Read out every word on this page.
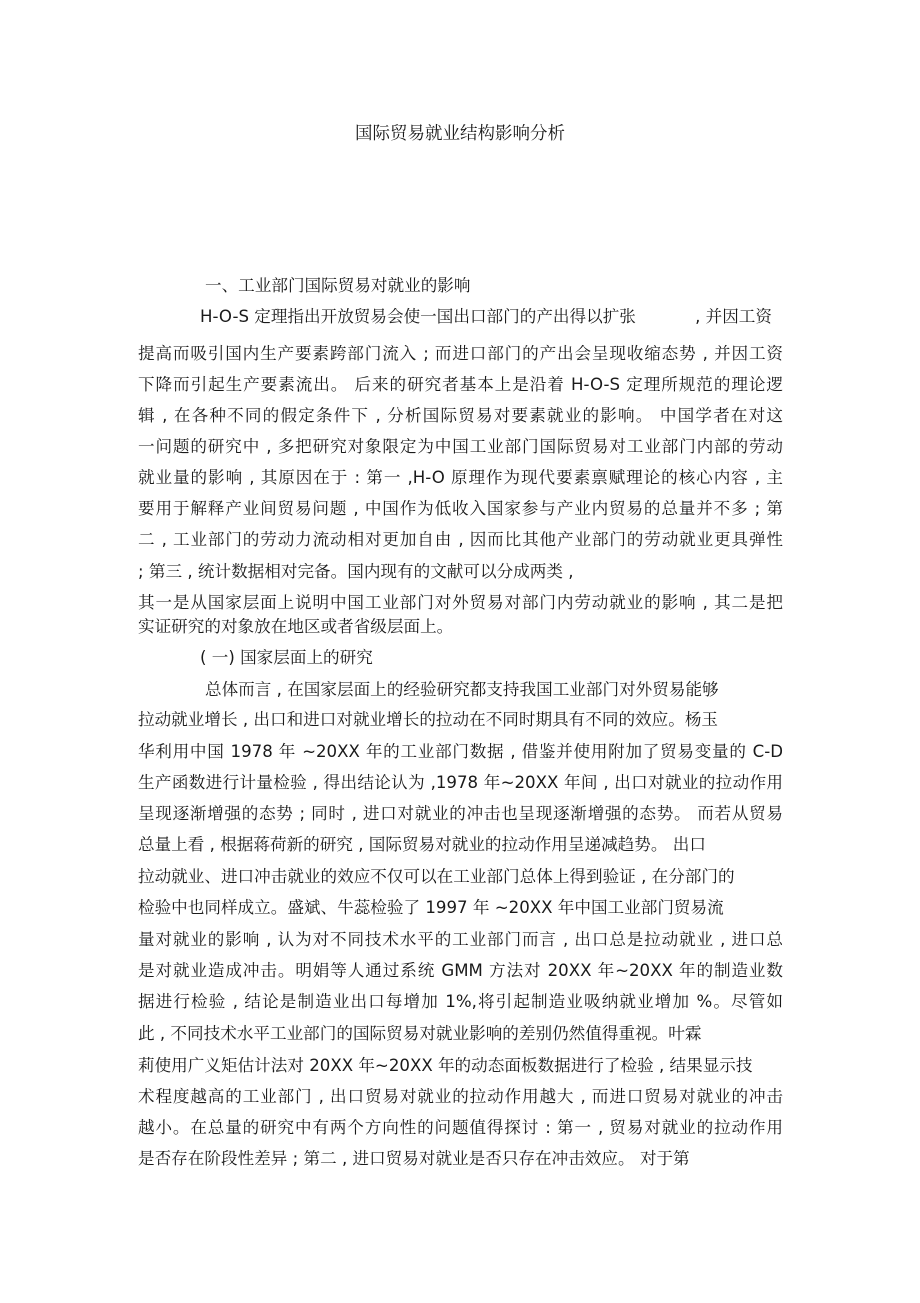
国际贸易就业结构影响分析
一、工业部门国际贸易对就业的影响
H-O-S 定理指出开放贸易会使一国出口部门的产出得以扩张	, 并因工资
提高而吸引国内生产要素跨部门流入 ; 而进口部门的产出会呈现收缩态势 , 并因工资
下降而引起生产要素流出。 后来的研究者基本上是沿着 H-O-S 定理所规范的理论逻
辑 , 在各种不同的假定条件下 , 分析国际贸易对要素就业的影响。 中国学者在对这
一问题的研究中 , 多把研究对象限定为中国工业部门国际贸易对工业部门内部的劳动
就业量的影响 , 其原因在于 : 第一 ,H-O 原理作为现代要素禀赋理论的核心内容 , 主
要用于解释产业间贸易问题 , 中国作为低收入国家参与产业内贸易的总量并不多 ; 第
二 , 工业部门的劳动力流动相对更加自由 , 因而比其他产业部门的劳动就业更具弹性
; 第三 , 统计数据相对完备。国内现有的文献可以分成两类 ,
其一是从国家层面上说明中国工业部门对外贸易对部门内劳动就业的影响 , 其二是把
实证研究的对象放在地区或者省级层面上。
( 一) 国家层面上的研究
总体而言 , 在国家层面上的经验研究都支持我国工业部门对外贸易能够
拉动就业增长 , 出口和进口对就业增长的拉动在不同时期具有不同的效应。杨玉
华利用中国 1978 年 ~20XX 年的工业部门数据 , 借鉴并使用附加了贸易变量的 C-D
生产函数进行计量检验 , 得出结论认为 ,1978 年~20XX 年间 , 出口对就业的拉动作用
呈现逐渐增强的态势 ; 同时 , 进口对就业的冲击也呈现逐渐增强的态势。 而若从贸易
总量上看 , 根据蒋荷新的研究 , 国际贸易对就业的拉动作用呈递减趋势。 出口
拉动就业、进口冲击就业的效应不仅可以在工业部门总体上得到验证 , 在分部门的
检验中也同样成立。盛斌、牛蕊检验了 1997 年 ~20XX 年中国工业部门贸易流
量对就业的影响 , 认为对不同技术水平的工业部门而言 , 出口总是拉动就业 , 进口总
是对就业造成冲击。明娟等人通过系统 GMM 方法对 20XX 年~20XX 年的制造业数
据进行检验 , 结论是制造业出口每增加 1%,将引起制造业吸纳就业增加 %。尽管如
此 , 不同技术水平工业部门的国际贸易对就业影响的差别仍然值得重视。叶霖
莉使用广义矩估计法对 20XX 年~20XX 年的动态面板数据进行了检验 , 结果显示技
术程度越高的工业部门 , 出口贸易对就业的拉动作用越大 , 而进口贸易对就业的冲击
越小。在总量的研究中有两个方向性的问题值得探讨 : 第一 , 贸易对就业的拉动作用
是否存在阶段性差异 ; 第二 , 进口贸易对就业是否只存在冲击效应。 对于第
